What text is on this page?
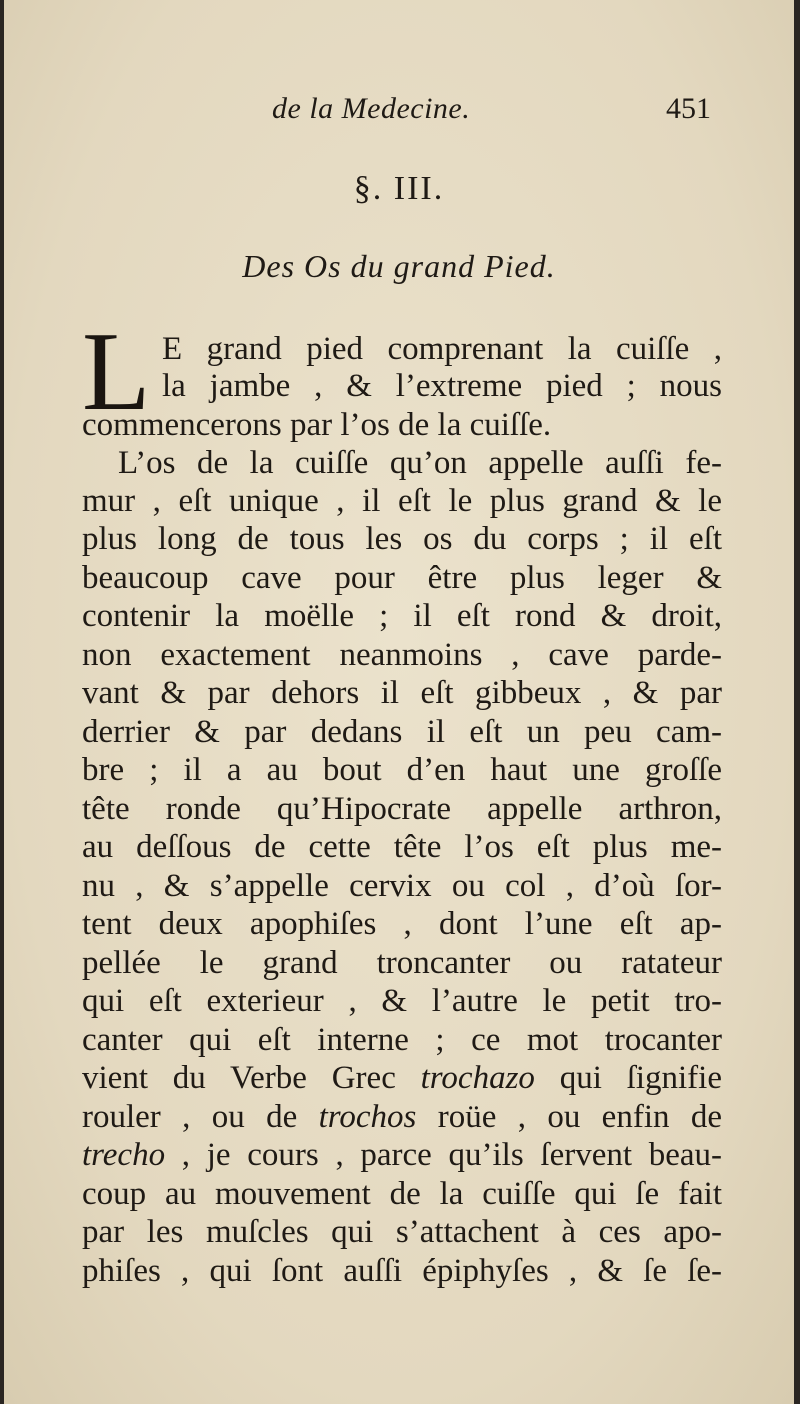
de la Medecine.	451
§. III.
Des Os du grand Pied.
L E grand pied comprenant la cuiſſe ,
la jambe , & l’extreme pied ; nous
commencerons par l’os de la cuiſſe.
L’os de la cuiſſe qu’on appelle auſſi fe-
mur , eſt unique , il eſt le plus grand & le
plus long de tous les os du corps ; il eſt
beaucoup cave pour être plus leger &
contenir la moëlle ; il eſt rond & droit,
non exactement neanmoins , cave parde-
vant & par dehors il eſt gibbeux , & par
derrier & par dedans il eſt un peu cam-
bre ; il a au bout d’en haut une groſſe
tête ronde qu’Hipocrate appelle arthron,
au deſſous de cette tête l’os eſt plus me-
nu , & s’appelle cervix ou col , d’où ſor-
tent deux apophiſes , dont l’une eſt ap-
pellée le grand troncanter ou ratateur
qui eſt exterieur , & l’autre le petit tro-
canter qui eſt interne ; ce mot trocanter
vient du Verbe Grec trochazo qui ſignifie
rouler , ou de trochos roüe , ou enfin de
trecho , je cours , parce qu’ils ſervent beau-
coup au mouvement de la cuiſſe qui ſe fait
par les muſcles qui s’attachent à ces apo-
phiſes , qui ſont auſſi épiphyſes , & ſe ſe-
